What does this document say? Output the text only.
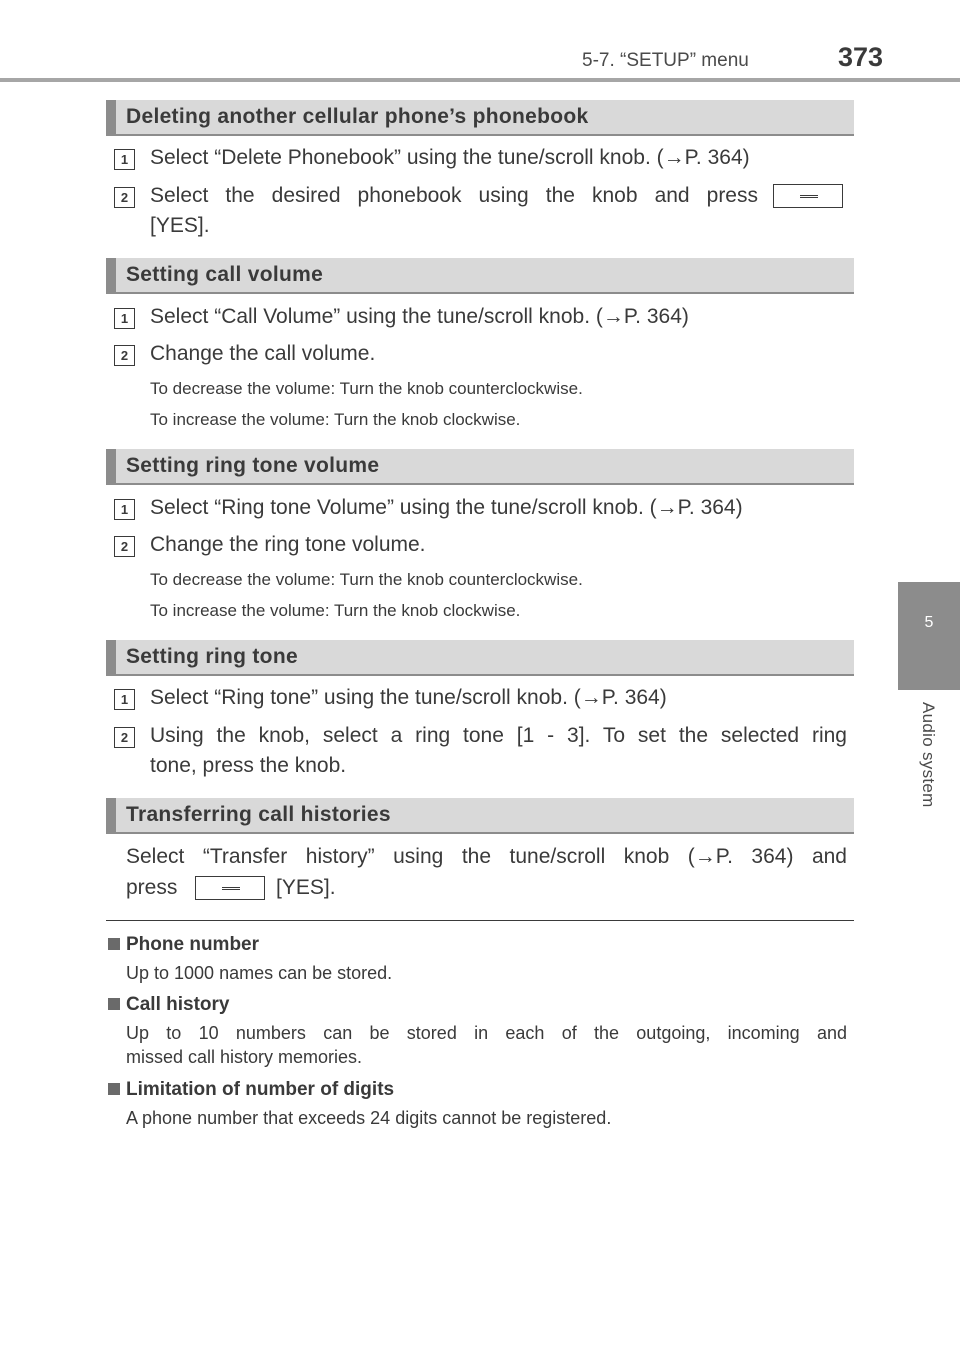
5-7. “SETUP” menu	373
5
Audio system
Deleting another cellular phone’s phonebook
1	Select “Delete Phonebook” using the tune/scroll knob. (→P. 364)
2	Select the desired phonebook using the knob and press
[YES].
Setting call volume
1	Select “Call Volume” using the tune/scroll knob. (→P. 364)
2	Change the call volume.
To decrease the volume: Turn the knob counterclockwise.
To increase the volume: Turn the knob clockwise.
Setting ring tone volume
1	Select “Ring tone Volume” using the tune/scroll knob. (→P. 364)
2	Change the ring tone volume.
To decrease the volume: Turn the knob counterclockwise.
To increase the volume: Turn the knob clockwise.
Setting ring tone
1	Select “Ring tone” using the tune/scroll knob. (→P. 364)
2	Using the knob, select a ring tone [1 - 3]. To set the selected ring
tone, press the knob.
Transferring call histories
Select “Transfer history” using the tune/scroll knob (→P. 364) and
press	[YES].
Phone number
Up to 1000 names can be stored.
Call history
Up to 10 numbers can be stored in each of the outgoing, incoming and
missed call history memories.
Limitation of number of digits
A phone number that exceeds 24 digits cannot be registered.
